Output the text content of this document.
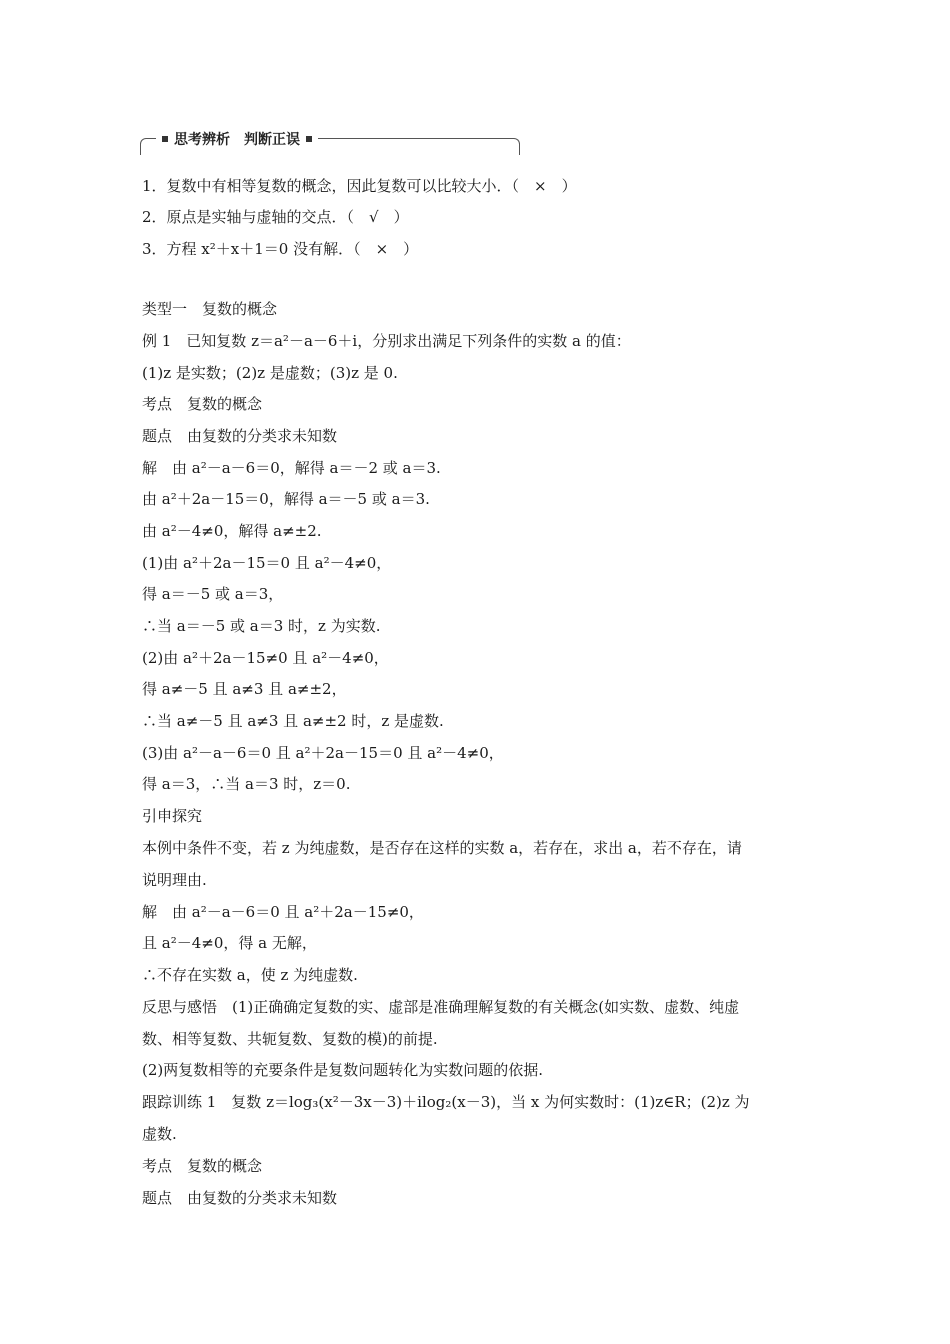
思考辨析　判断正误
1．复数中有相等复数的概念，因此复数可以比较大小．（　×　）
2．原点是实轴与虚轴的交点．（　√　）
3．方程 x²＋x＋1＝0 没有解．（　×　）
类型一　复数的概念
例 1　已知复数 z＝a²－a－6＋i，分别求出满足下列条件的实数 a 的值：
(1)z 是实数；(2)z 是虚数；(3)z 是 0.
考点　复数的概念
题点　由复数的分类求未知数
解　由 a²－a－6＝0，解得 a＝－2 或 a＝3.
由 a²＋2a－15＝0，解得 a＝－5 或 a＝3.
由 a²－4≠0，解得 a≠±2.
(1)由 a²＋2a－15＝0 且 a²－4≠0，
得 a＝－5 或 a＝3，
∴当 a＝－5 或 a＝3 时，z 为实数.
(2)由 a²＋2a－15≠0 且 a²－4≠0，
得 a≠－5 且 a≠3 且 a≠±2，
∴当 a≠－5 且 a≠3 且 a≠±2 时，z 是虚数.
(3)由 a²－a－6＝0 且 a²＋2a－15＝0 且 a²－4≠0，
得 a＝3，∴当 a＝3 时，z＝0.
引申探究
本例中条件不变，若 z 为纯虚数，是否存在这样的实数 a，若存在，求出 a，若不存在，请
说明理由.
解　由 a²－a－6＝0 且 a²＋2a－15≠0，
且 a²－4≠0，得 a 无解，
∴不存在实数 a，使 z 为纯虚数.
反思与感悟　(1)正确确定复数的实、虚部是准确理解复数的有关概念(如实数、虚数、纯虚
数、相等复数、共轭复数、复数的模)的前提.
(2)两复数相等的充要条件是复数问题转化为实数问题的依据.
跟踪训练 1　复数 z＝log₃(x²－3x－3)＋ilog₂(x－3)，当 x 为何实数时：(1)z∈R；(2)z 为
虚数.
考点　复数的概念
题点　由复数的分类求未知数
